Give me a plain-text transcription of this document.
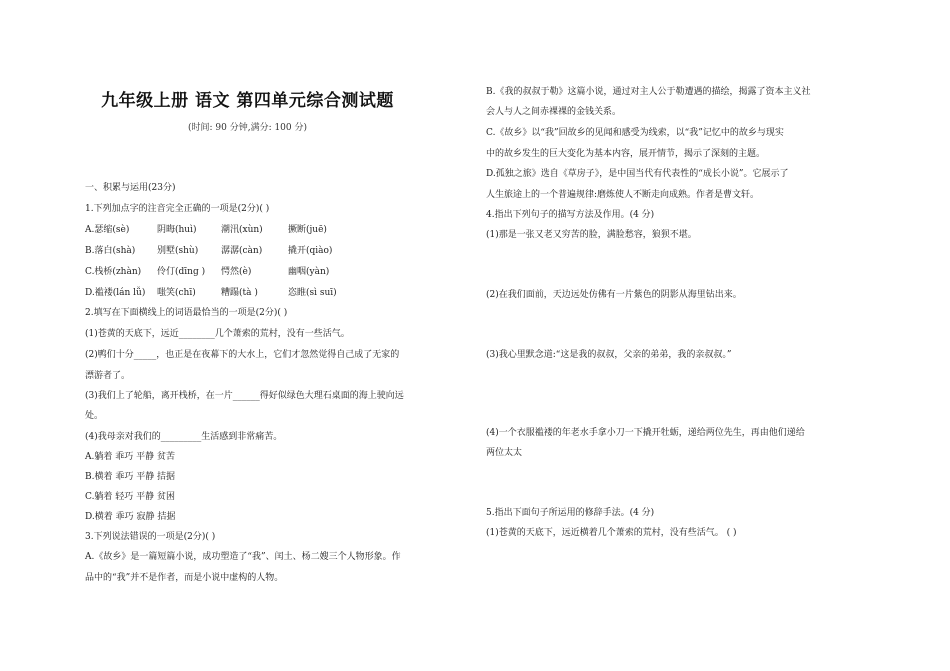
九年级上册 语文 第四单元综合测试题
(时间: 90 分钟,满分: 100 分)
一、积累与运用(23分)
1.下列加点字的注音完全正确的一项是(2分)( )
A.瑟缩(sè)	阴晦(huì)	潮汛(xùn)	撅断(juē)
B.落白(shà) 别墅(shù)	潺潺(càn)	撬开(qiào)
C.栈桥(zhàn) 伶仃(dīng ) 愕然(è)	幽咽(yàn)
D.褴褛(lán lǚ) 嗤笑(chī)	糟蹋(tà )	恣睢(sì suī)
2.填写在下面横线上的词语最恰当的一项是(2分)( )
(1)苍黄的天底下，远近________几个萧索的荒村，没有一些活气。
(2)鸭们十分_____，也正是在夜幕下的大水上，它们才忽然觉得自己成了无家的
漂游者了。
(3)我们上了轮船，离开栈桥，在一片______得好似绿色大理石桌面的海上驶向远
处。
(4)我母亲对我们的_________生活感到非常痛苦。
A.躺着 乖巧 平静 贫苦
B.横着 乖巧 平静 拮据
C.躺着 轻巧 平静 贫困
D.横着 乖巧 寂静 拮据
3.下列说法错误的一项是(2分)( )
A.《故乡》是一篇短篇小说，成功塑造了“我”、闰土、杨二嫂三个人物形象。作
品中的“我”并不是作者，而是小说中虚构的人物。
B.《我的叔叔于勒》这篇小说，通过对主人公于勒遭遇的描绘，揭露了资本主义社
会人与人之间赤裸裸的金钱关系。
C.《故乡》以“我”回故乡的见闻和感受为线索，以“我”记忆中的故乡与现实
中的故乡发生的巨大变化为基本内容，展开情节，揭示了深刻的主题。
D.孤独之旅》选自《草房子》，是中国当代有代表性的“成长小说”。它展示了
人生旅途上的一个普遍规律:磨炼使人不断走向成熟。作者是曹文轩。
4.指出下列句子的描写方法及作用。(4 分)
(1)那是一张又老又穷苦的脸，满脸愁容，狼狈不堪。
(2)在我们面前，天边远处仿佛有一片紫色的阴影从海里钻出来。
(3)我心里默念道:“这是我的叔叔，父亲的弟弟，我的亲叔叔。”
(4)一个衣服褴褛的年老水手拿小刀一下撬开牡蛎，递给两位先生，再由他们递给
两位太太
5.指出下面句子所运用的修辞手法。(4 分)
(1)苍黄的天底下，远近横着几个萧索的荒村，没有些活气。 ( )
